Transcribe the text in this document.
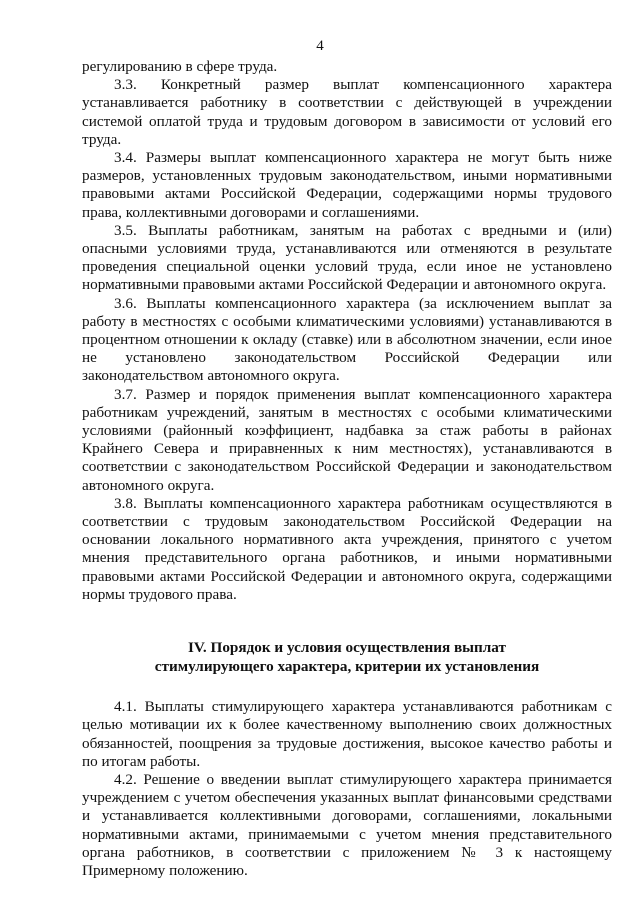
4

регулированию в сфере труда.

3.3. Конкретный размер выплат компенсационного характера устанавливается работнику в соответствии с действующей в учреждении системой оплатой труда и трудовым договором в зависимости от условий его труда.

3.4. Размеры выплат компенсационного характера не могут быть ниже размеров, установленных трудовым законодательством, иными нормативными правовыми актами Российской Федерации, содержащими нормы трудового права, коллективными договорами и соглашениями.

3.5. Выплаты работникам, занятым на работах с вредными и (или) опасными условиями труда, устанавливаются или отменяются в результате проведения специальной оценки условий труда, если иное не установлено нормативными правовыми актами Российской Федерации и автономного округа.

3.6. Выплаты компенсационного характера (за исключением выплат за работу в местностях с особыми климатическими условиями) устанавливаются в процентном отношении к окладу (ставке) или в абсолютном значении, если иное не установлено законодательством Российской Федерации или законодательством автономного округа.

3.7. Размер и порядок применения выплат компенсационного характера работникам учреждений, занятым в местностях с особыми климатическими условиями (районный коэффициент, надбавка за стаж работы в районах Крайнего Севера и приравненных к ним местностях), устанавливаются в соответствии с законодательством Российской Федерации и законодательством автономного округа.

3.8. Выплаты компенсационного характера работникам осуществляются в соответствии с трудовым законодательством Российской Федерации на основании локального нормативного акта учреждения, принятого с учетом мнения представительного органа работников, и иными нормативными правовыми актами Российской Федерации и автономного округа, содержащими нормы трудового права.

IV. Порядок и условия осуществления выплат
стимулирующего характера, критерии их установления

4.1. Выплаты стимулирующего характера устанавливаются работникам с целью мотивации их к более качественному выполнению своих должностных обязанностей, поощрения за трудовые достижения, высокое качество работы и по итогам работы.

4.2. Решение о введении выплат стимулирующего характера принимается учреждением с учетом обеспечения указанных выплат финансовыми средствами и устанавливается коллективными договорами, соглашениями, локальными нормативными актами, принимаемыми с учетом мнения представительного органа работников, в соответствии с приложением № 3 к настоящему Примерному положению.
